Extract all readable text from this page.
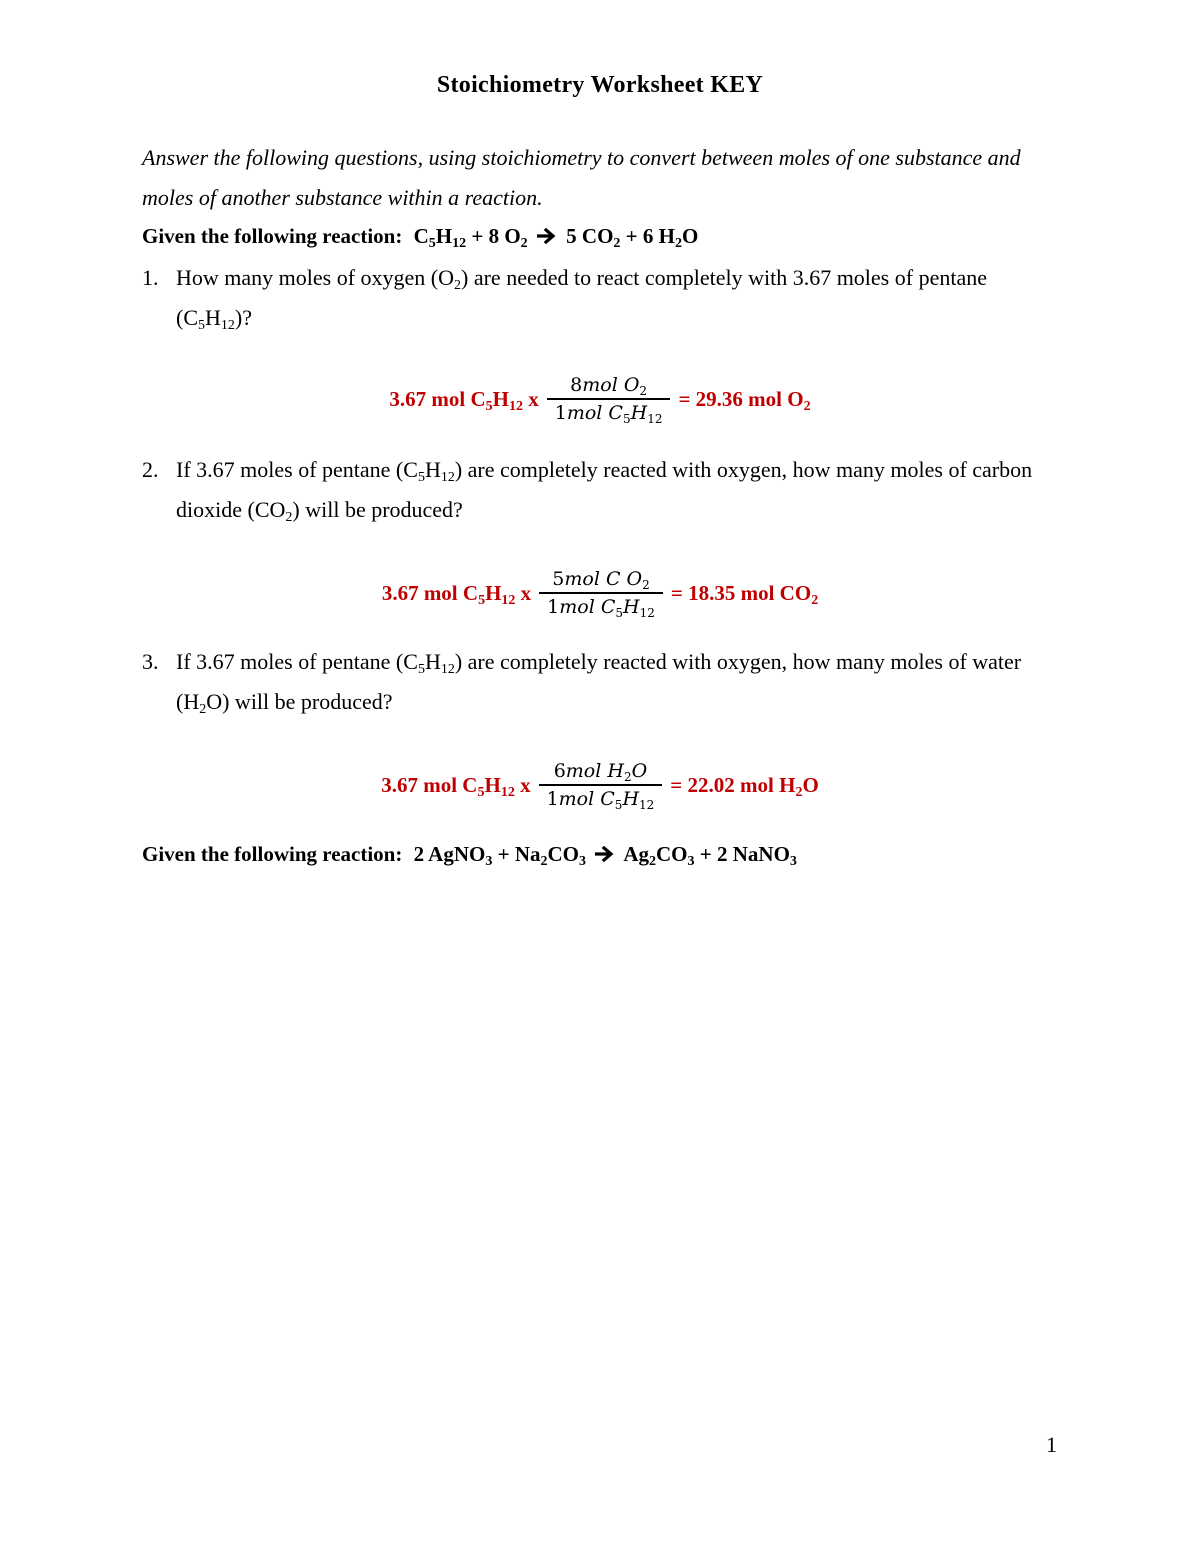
Stoichiometry Worksheet KEY
Answer the following questions, using stoichiometry to convert between moles of one substance and moles of another substance within a reaction.
Given the following reaction: $C_5H_{12} + 8$ $O_2$  5 $CO_2 + 6$ $H_2O$
1. How many moles of oxygen $(O_2)$ are needed to react completely with 3.67 moles of pentane $(C_5H_{12})$?
3.67 mol $C_5H_{12}$ x $\frac{8mol O_2}{1mol C_5H_{12}} = 29.36$ mol $O_2$
2. If 3.67 moles of pentane $(C_5H_{12})$ are completely reacted with oxygen, how many moles of carbon dioxide $(CO_2)$ will be produced?
3.67 mol $C_5H_{12}$ x $\frac{5mol C O_2}{1mol C_5H_{12}} = 18.35$ mol $CO_2$
3. If 3.67 moles of pentane $(C_5H_{12})$ are completely reacted with oxygen, how many moles of water $(H_2O)$ will be produced?
3.67 mol $C_5H_{12}$ x $\frac{6mol H_2O}{1mol C_5H_{12}} = 22.02$ mol $H_2O$
Given the following reaction: 2 AgNO$_3$ + $Na_2CO_3$  $Ag_2CO_3 + 2$ NaNO$_3$
1
